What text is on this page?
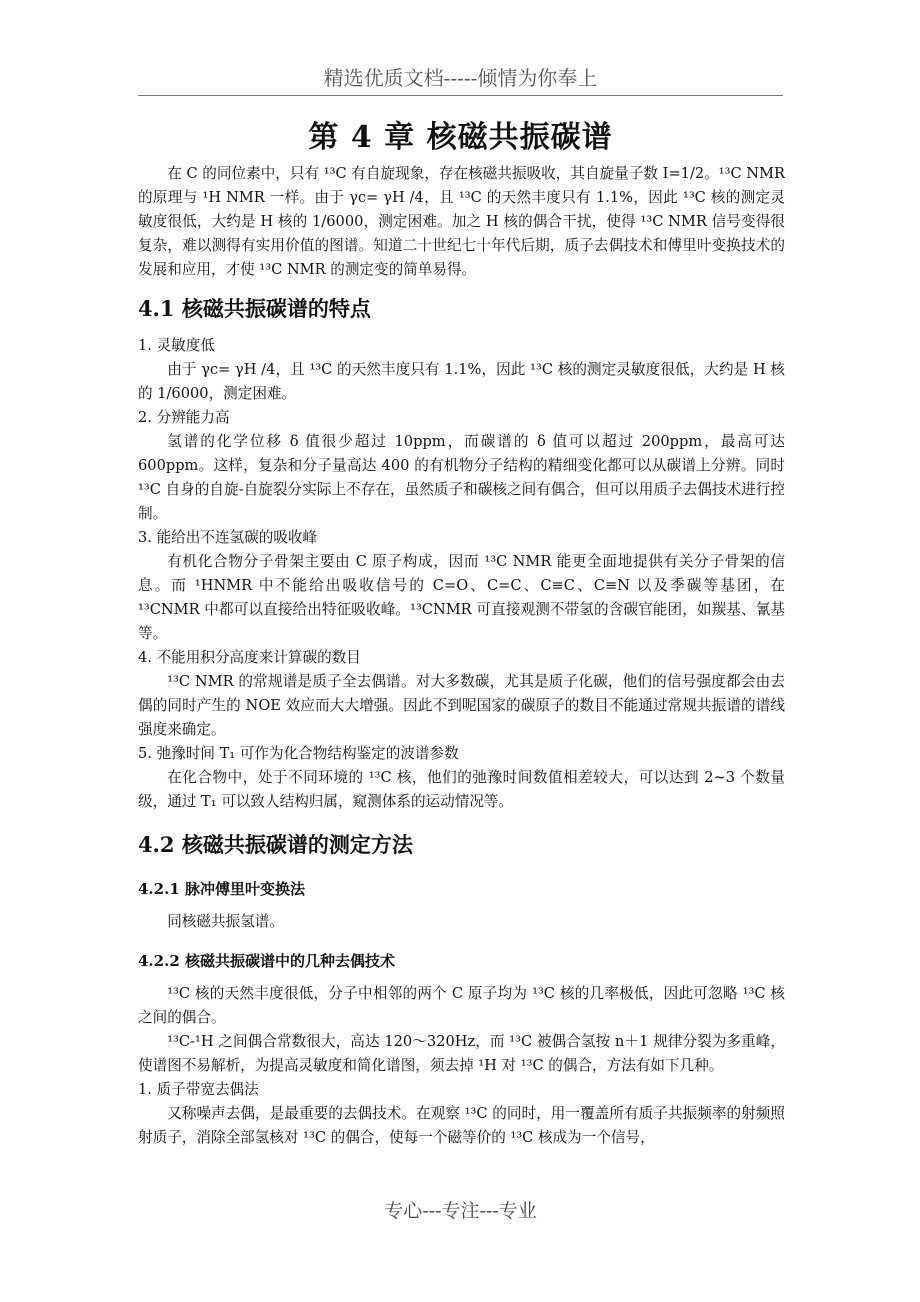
精选优质文档-----倾情为你奉上
第 4 章 核磁共振碳谱

在 C 的同位素中，只有 ¹³C 有自旋现象，存在核磁共振吸收，其自旋量子数 I=1/2。¹³C NMR 的原理与 ¹H NMR 一样。由于 γc= γH /4，且 ¹³C 的天然丰度只有 1.1%，因此 ¹³C 核的测定灵敏度很低，大约是 H 核的 1/6000，测定困难。加之 H 核的偶合干扰，使得 ¹³C NMR 信号变得很复杂，难以测得有实用价值的图谱。知道二十世纪七十年代后期，质子去偶技术和傅里叶变换技术的发展和应用，才使 ¹³C NMR 的测定变的简单易得。

4.1 核磁共振碳谱的特点

1. 灵敏度低

由于 γc= γH /4，且 ¹³C 的天然丰度只有 1.1%，因此 ¹³C 核的测定灵敏度很低，大约是 H 核的 1/6000，测定困难。

2. 分辨能力高

氢谱的化学位移 δ 值很少超过 10ppm，而碳谱的 δ 值可以超过 200ppm，最高可达 600ppm。这样，复杂和分子量高达 400 的有机物分子结构的精细变化都可以从碳谱上分辨。同时 ¹³C 自身的自旋-自旋裂分实际上不存在，虽然质子和碳核之间有偶合，但可以用质子去偶技术进行控制。

3. 能给出不连氢碳的吸收峰

有机化合物分子骨架主要由 C 原子构成，因而 ¹³C NMR 能更全面地提供有关分子骨架的信息。而 ¹HNMR 中不能给出吸收信号的 C=O、C=C、C≡C、C≡N 以及季碳等基团，在 ¹³CNMR 中都可以直接给出特征吸收峰。¹³CNMR 可直接观测不带氢的含碳官能团，如羰基、氰基等。

4. 不能用积分高度来计算碳的数目

¹³C NMR 的常规谱是质子全去偶谱。对大多数碳，尤其是质子化碳，他们的信号强度都会由去偶的同时产生的 NOE 效应而大大增强。因此不到呢国家的碳原子的数目不能通过常规共振谱的谱线强度来确定。

5. 弛豫时间 T₁ 可作为化合物结构鉴定的波谱参数

在化合物中，处于不同环境的 ¹³C 核，他们的弛豫时间数值相差较大，可以达到 2~3 个数量级，通过 T₁ 可以致人结构归属，窥测体系的运动情况等。

4.2 核磁共振碳谱的测定方法
4.2.1 脉冲傅里叶变换法

同核磁共振氢谱。

4.2.2 核磁共振碳谱中的几种去偶技术

¹³C 核的天然丰度很低，分子中相邻的两个 C 原子均为 ¹³C 核的几率极低，因此可忽略 ¹³C 核之间的偶合。

¹³C-¹H 之间偶合常数很大，高达 120～320Hz，而 ¹³C 被偶合氢按 n＋1 规律分裂为多重峰，使谱图不易解析，为提高灵敏度和简化谱图，须去掉 ¹H 对 ¹³C 的偶合，方法有如下几种。

1. 质子带宽去偶法

又称噪声去偶，是最重要的去偶技术。在观察 ¹³C 的同时，用一覆盖所有质子共振频率的射频照射质子，消除全部氢核对 ¹³C 的偶合，使每一个磁等价的 ¹³C 核成为一个信号，

专心---专注---专业
